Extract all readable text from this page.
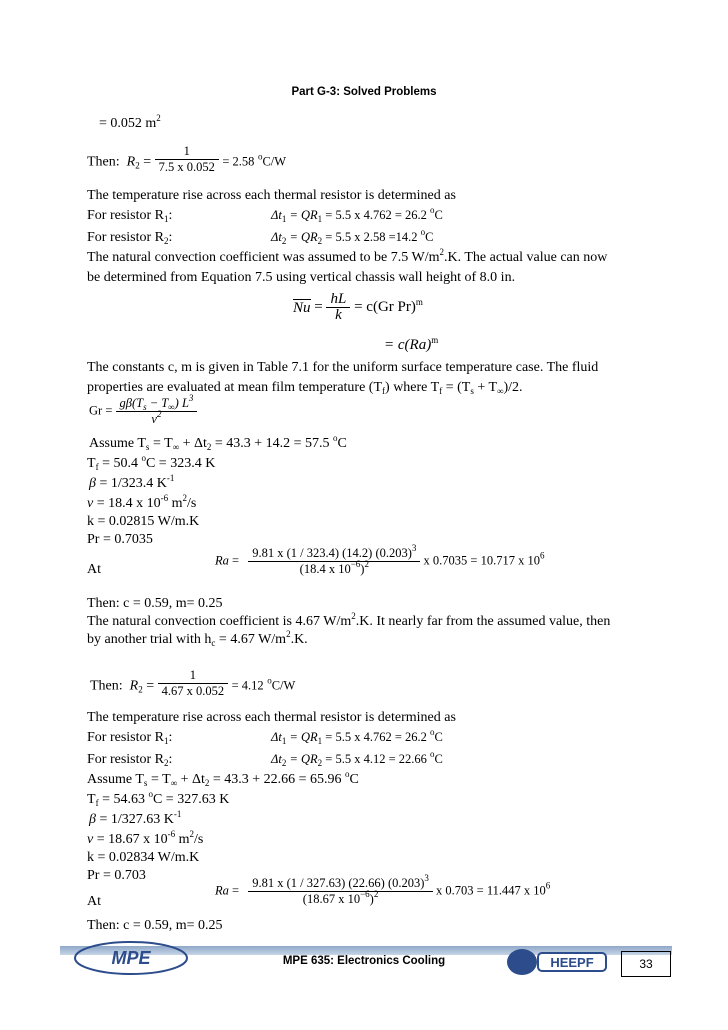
Part G-3: Solved Problems
= 0.052 $m^2$
Then: $R_2 = \frac{1}{7.5 x 0.052} = 2.58$ $^o$C/W
The temperature rise across each thermal resistor is determined as
For resistor $R_1$:	$\Delta t_1 = QR_1 = 5.5$ x 4.762 = 26.2 $^o$C
For resistor $R_2$:	$\Delta t_2 = QR_2 = 5.5$ x 2.58 =14.2 $^o$C
The natural convection coefficient was assumed to be 7.5 $W/m^2.K$. The actual value can now
be determined from Equation 7.5 using vertical chassis wall height of 8.0 in.
$Nu = \frac{hL}{k} = c(Gr$ Pr)$^m$
= $c(Ra)^m$
The constants c, m is given in Table 7.1 for the uniform surface temperature case. The fluid
properties are evaluated at mean film temperature $(T_f)$ where $T_f = (T_s + T_\infty)/2$.
$Gr = \frac{g\beta(T_s - T_\infty) L^3}{\nu^2}$
Assume $T_s = T_\infty + \Delta t_2 = 43.3 + 14.2 = 57.5$ $^o$C
$T_f = 50.4$ $^o$C = 323.4 K
β = 1/323.4 $K^{-1}$
ν = 18.4 x $10^{-6}$ $m^2/s$
k = 0.02815 W/m.K
Pr = 0.7035
At
$Ra = \frac{9.81 x (1 / 323.4) (14.2) (0.203)^3}{(18.4 x 10^{-6})^2}$ x 0.7035 = 10.717 x $10^6$
Then: c = 0.59, m= 0.25
The natural convection coefficient is 4.67 $W/m^2.K$. It nearly far from the assumed value, then
by another trial with $h_c = 4.67$ $W/m^2.K$.
Then: $R_2 = \frac{1}{4.67 x 0.052} = 4.12$ $^o$C/W
The temperature rise across each thermal resistor is determined as
For resistor $R_1$:	$\Delta t_1 = QR_1 = 5.5$ x 4.762 = 26.2 $^o$C
For resistor $R_2$:	$\Delta t_2 = QR_2 = 5.5$ x 4.12 = 22.66 $^o$C
Assume $T_s = T_\infty + \Delta t_2 = 43.3 + 22.66 = 65.96$ $^o$C
$T_f = 54.63$ $^o$C = 327.63 K
β = 1/327.63 $K^{-1}$
ν = 18.67 x $10^{-6}$ $m^2/s$
k = 0.02834 W/m.K
Pr = 0.703
At
$Ra = \frac{9.81 x (1 / 327.63) (22.66) (0.203)^3}{(18.67 x 10^{-6})^2}$ x 0.703 = 11.447 x $10^6$
Then: c = 0.59, m= 0.25
MPE	MPE 635: Electronics Cooling	HEEPF	33
